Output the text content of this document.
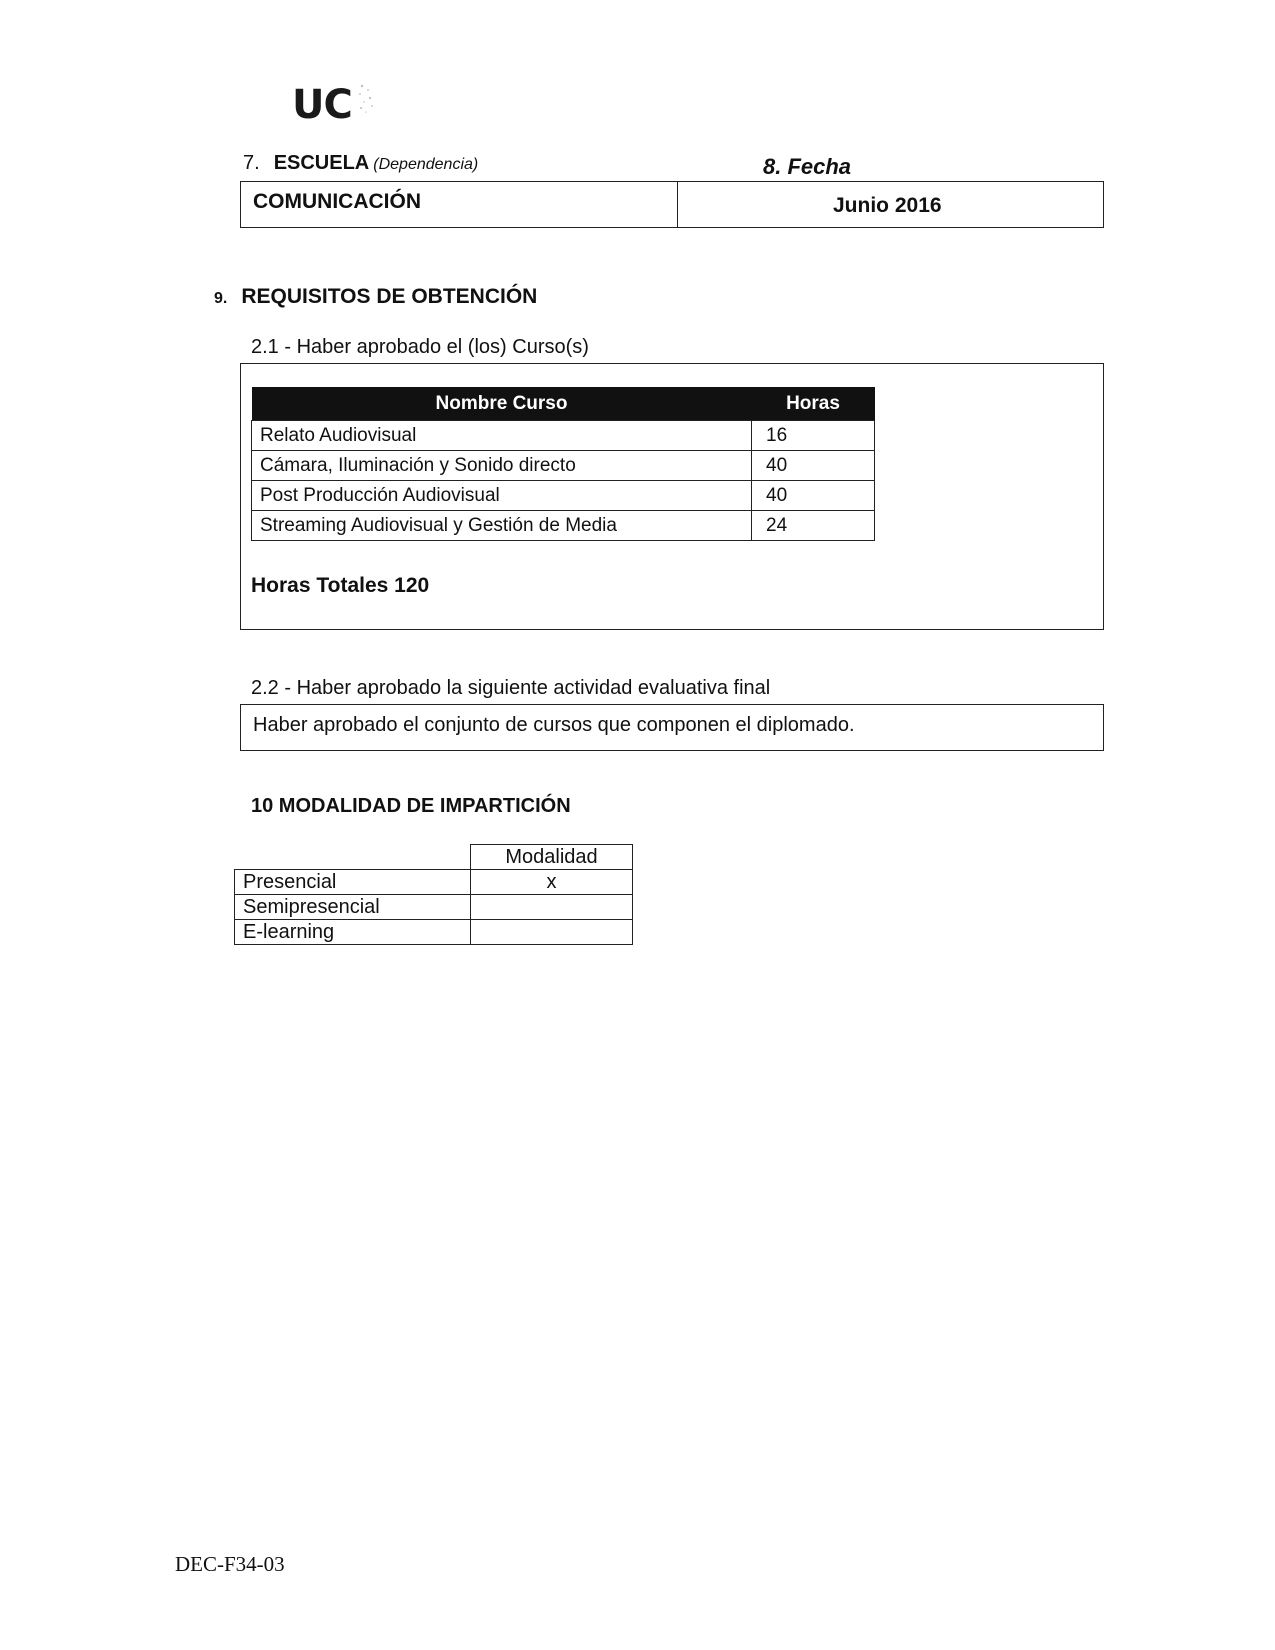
UC
7. ESCUELA (Dependencia)	8. Fecha
COMUNICACIÓN	Junio 2016
9. REQUISITOS DE OBTENCIÓN
2.1 - Haber aprobado el (los) Curso(s)
Nombre Curso	Horas
Relato Audiovisual	16
Cámara, Iluminación y Sonido directo	40
Post Producción Audiovisual	40
Streaming Audiovisual y Gestión de Media	24
Horas Totales 120
2.2 - Haber aprobado la siguiente actividad evaluativa final
Haber aprobado el conjunto de cursos que componen el diplomado.
10 MODALIDAD DE IMPARTICIÓN
	Modalidad
Presencial	x
Semipresencial	
E-learning	
DEC-F34-03
